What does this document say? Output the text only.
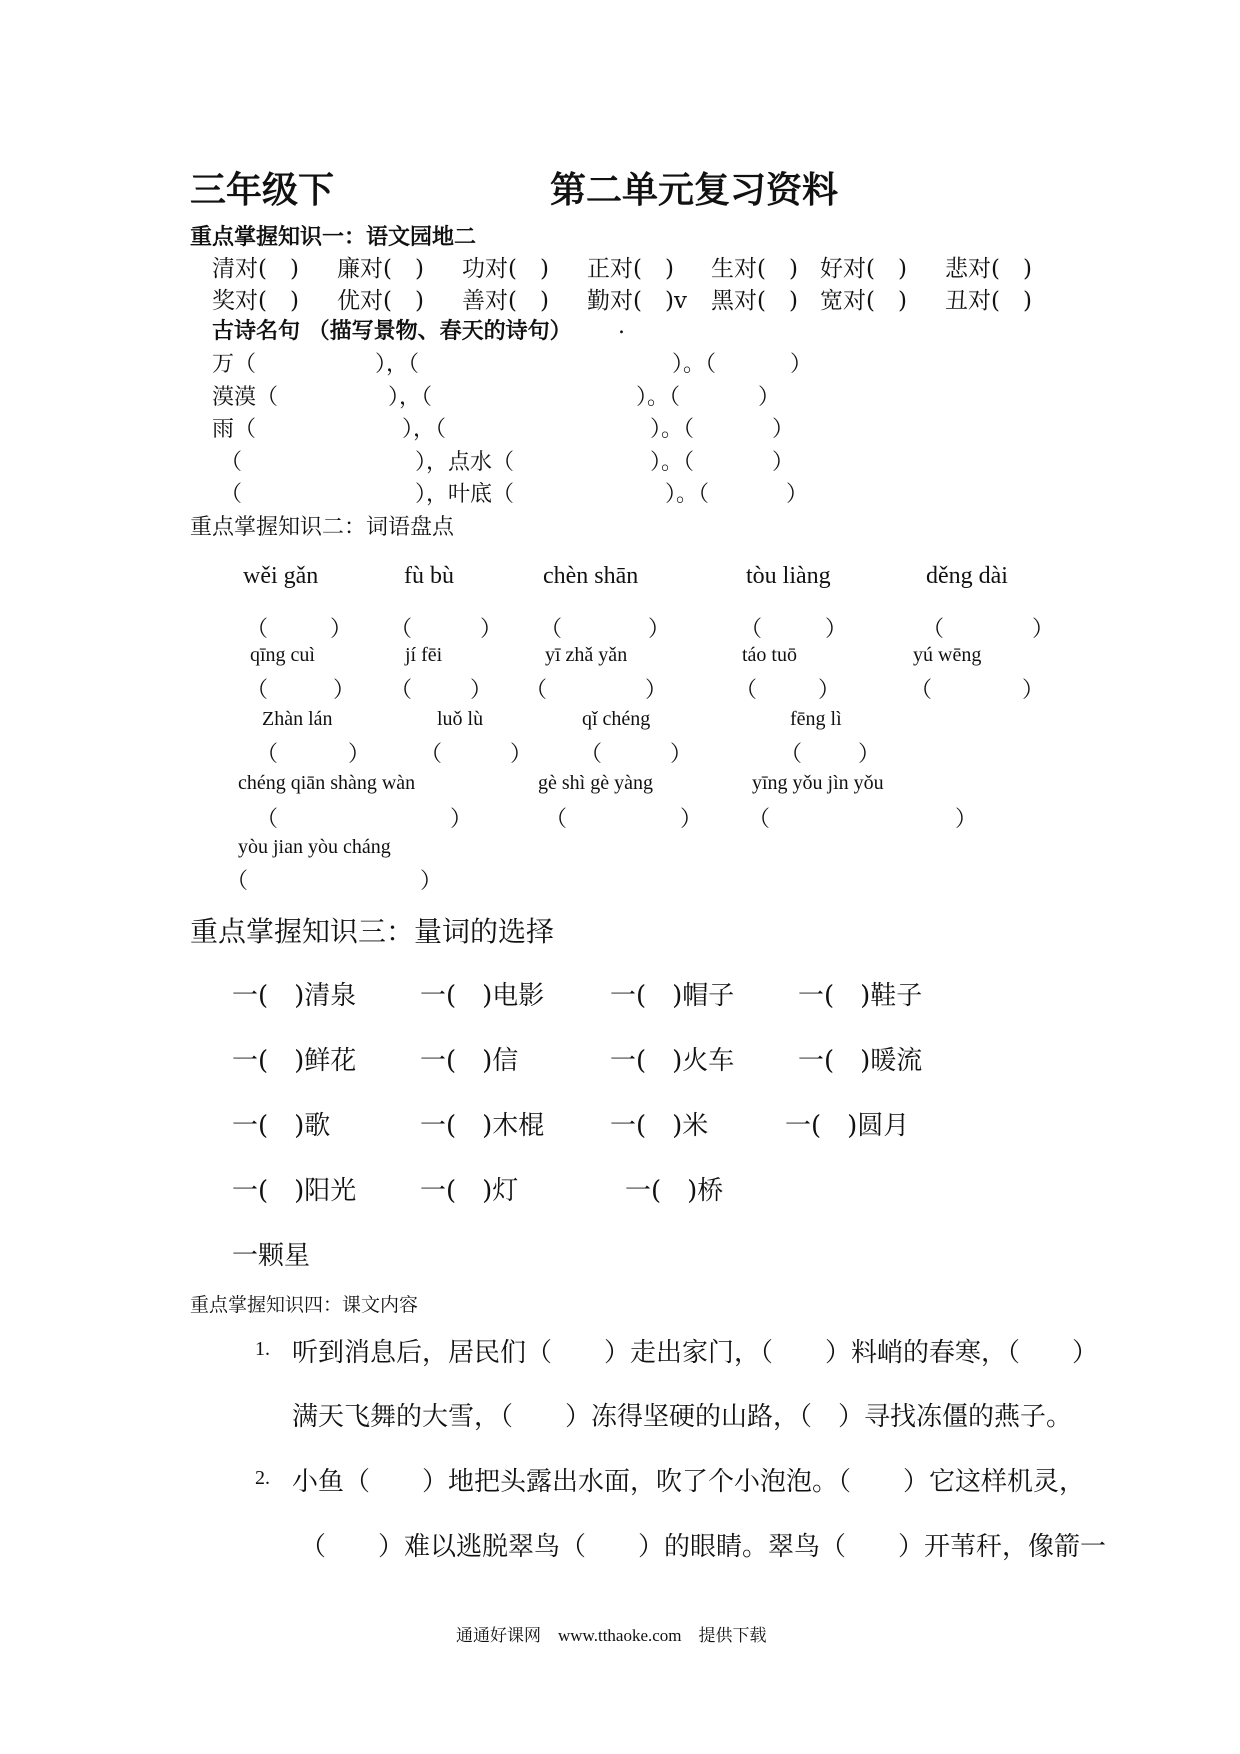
三年级下	第二单元复习资料
重点掌握知识一：语文园地二
清对(　) 廉对(　) 功对(　) 正对(　) 生对(　) 好对(　) 悲对(　)
奖对(　) 优对(　) 善对(　) 勤对(　)v 黑对(　) 宽对(　) 丑对(　)
古诗名句 （描写景物、春天的诗句） .
万（	），（	）。（	）
漠漠（	），（	）。（	）
雨（	），（	）。（	）
（	），点水（	）。（	）
（	），叶底（	）。（	）
重点掌握知识二：词语盘点
wěi gǎn	fù bù	chèn shān	tòu liàng	děng dài
（	） （	） （	）	（	）	（	）
qīng cuì	jí fēi	yī zhǎ yǎn	táo tuō	yú wēng
（	） （	） （	）	（	）	（	）
Zhàn lán	luǒ lù	qǐ chéng	fēng lì
（	） （	） （	）	（	）
chéng qiān shàng wàn	gè shì gè yàng	yīng yǒu jìn yǒu
（	）	（	） （	）
yòu jian yòu cháng
（	）
重点掌握知识三：量词的选择
一(　)清泉 一(　)电影	一(　)帽子 一(　)鞋子
一(　)鲜花 一(　)信	一(　)火车 一(　)暖流
一(　)歌	一(　)木棍	一(　)米	一(　)圆月
一(　)阳光 一(　)灯	一(　)桥
一颗星
重点掌握知识四：课文内容
1. 听到消息后，居民们（　　）走出家门，（　　）料峭的春寒，（　　）
满天飞舞的大雪，（　　）冻得坚硬的山路，（　）寻找冻僵的燕子。
2. 小鱼（　　）地把头露出水面，吹了个小泡泡。（　　）它这样机灵，
（　　）难以逃脱翠鸟（　　）的眼睛。翠鸟（　　）开苇秆，像箭一
通通好课网　www.tthaoke.com　提供下载
